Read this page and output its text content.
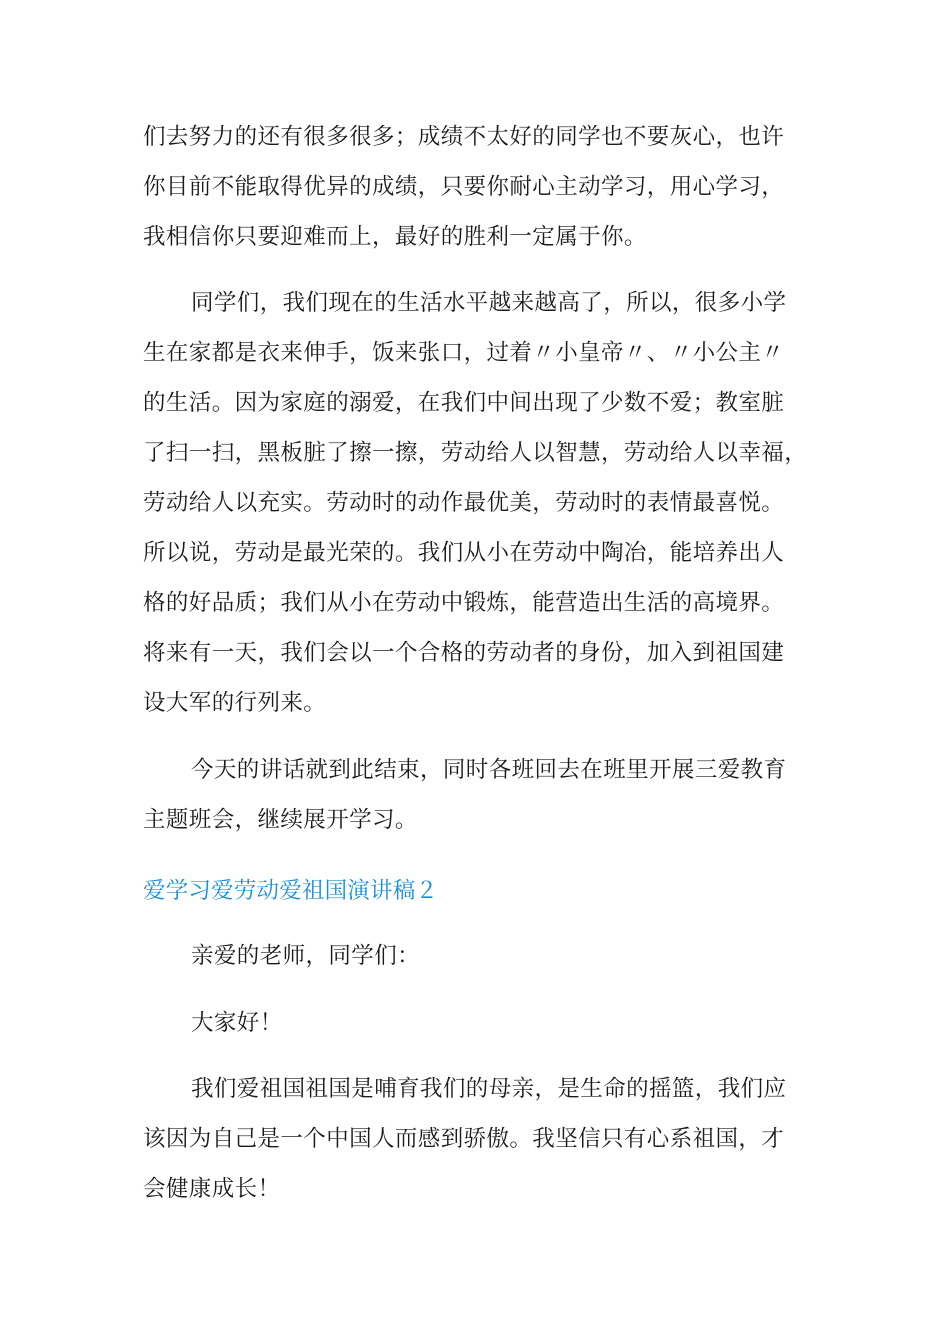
们去努力的还有很多很多；成绩不太好的同学也不要灰心，也许
你目前不能取得优异的成绩，只要你耐心主动学习，用心学习，
我相信你只要迎难而上，最好的胜利一定属于你。
同学们，我们现在的生活水平越来越高了，所以，很多小学
生在家都是衣来伸手，饭来张口，过着〃小皇帝〃、〃小公主〃
的生活。因为家庭的溺爱，在我们中间出现了少数不爱；教室脏
了扫一扫，黑板脏了擦一擦，劳动给人以智慧，劳动给人以幸福，
劳动给人以充实。劳动时的动作最优美，劳动时的表情最喜悦。
所以说，劳动是最光荣的。我们从小在劳动中陶冶，能培养出人
格的好品质；我们从小在劳动中锻炼，能营造出生活的高境界。
将来有一天，我们会以一个合格的劳动者的身份，加入到祖国建
设大军的行列来。
今天的讲话就到此结束，同时各班回去在班里开展三爱教育
主题班会，继续展开学习。
爱学习爱劳动爱祖国演讲稿２
亲爱的老师，同学们：
大家好！
我们爱祖国祖国是哺育我们的母亲，是生命的摇篮，我们应
该因为自己是一个中国人而感到骄傲。我坚信只有心系祖国，才
会健康成长！
